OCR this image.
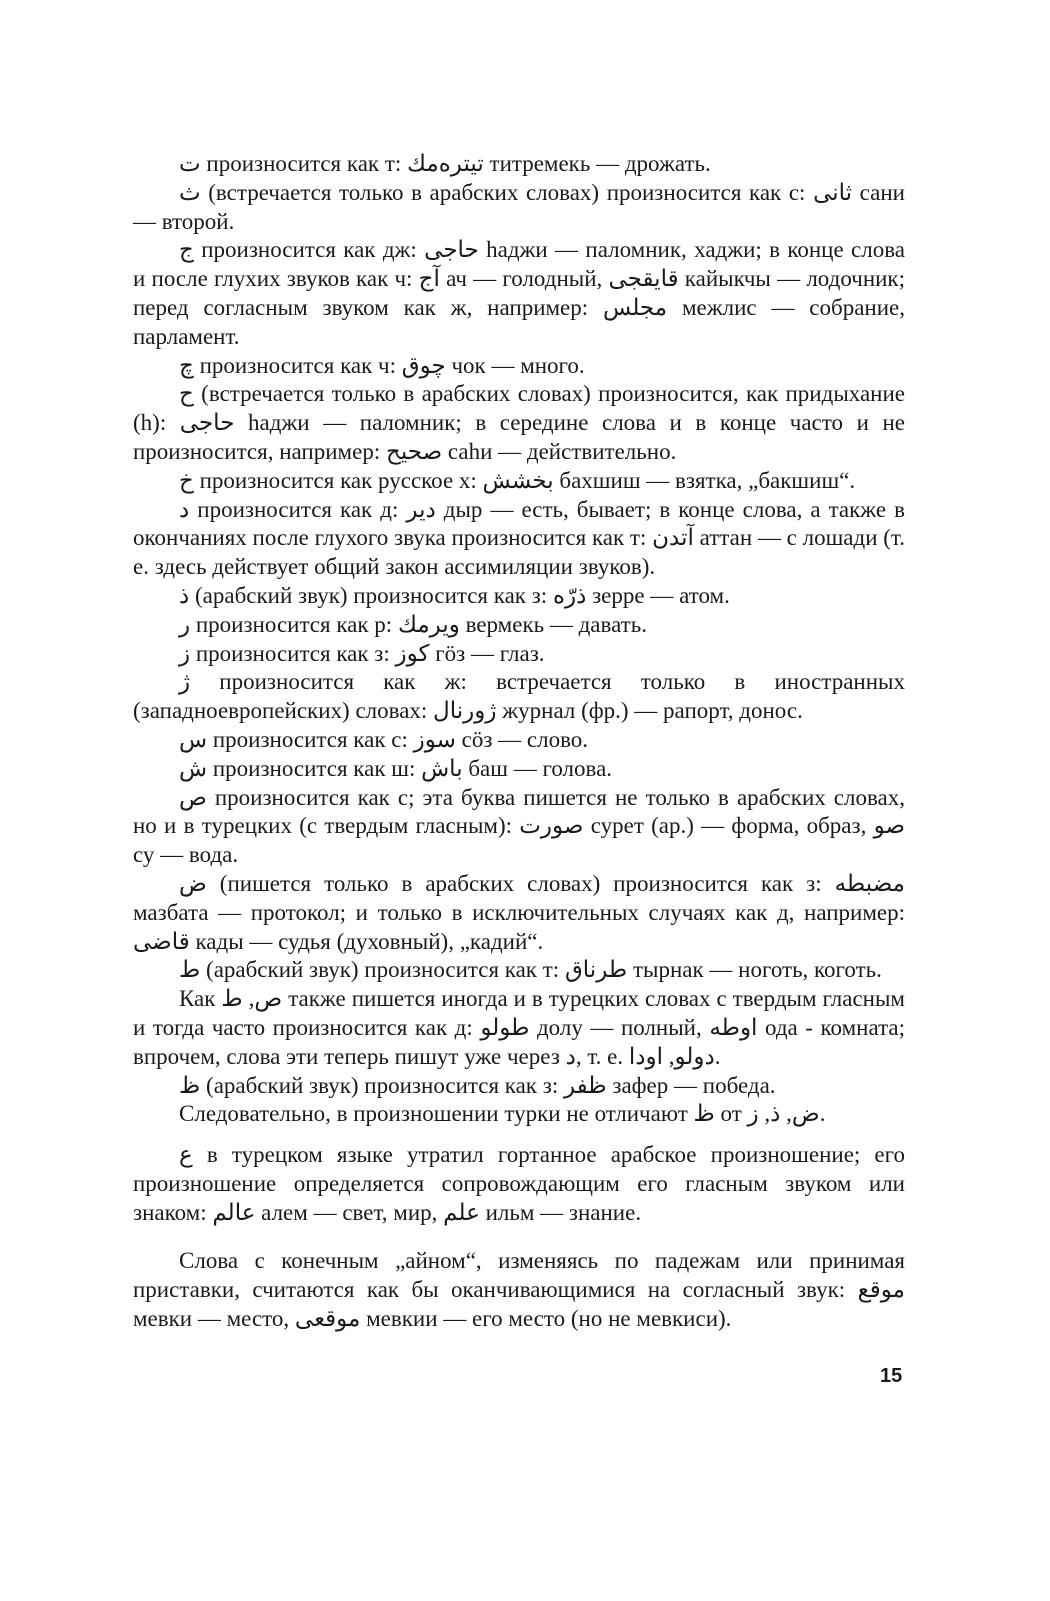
ت произносится как т: تیتره‌مك титремекь — дрожать.

ث (встречается только в арабских словах) произносится как с: ثانی сани — второй.

ج произносится как дж: حاجی hаджи — паломник, хаджи; в конце слова и после глухих звуков как ч: آج ач — голодный, قایقجی кайыкчы — лодочник; перед согласным звуком как ж, например: مجلس межлис — собрание, парламент.

چ произносится как ч: چوق чок — много.

ح (встречается только в арабских словах) произносится, как придыхание (h): حاجی hаджи — паломник; в середине слова и в конце часто и не произносится, например: صحیح саhи — действительно.

خ произносится как русское х: بخشش бахшиш — взятка, „бакшиш“.

د произносится как д: دیر дыр — есть, бывает; в конце слова, а также в окончаниях после глухого звука произносится как т: آتدن аттан — с лошади (т. е. здесь действует общий закон ассимиляции звуков).

ذ (арабский звук) произносится как з: ذرّه зерре — атом.

ر произносится как р: ویرمك вермекь — давать.

ز произносится как з: كوز гöз — глаз.

ژ произносится как ж: встречается только в иностранных (западноевропейских) словах: ژورنال журнал (фр.) — рапорт, донос.

س произносится как с: سوز сöз — слово.

ش произносится как ш: باش баш — голова.

ص произносится как с; эта буква пишется не только в арабских словах, но и в турецких (с твердым гласным): صورت сурет (ар.) — форма, образ, صو су — вода.

ض (пишется только в арабских словах) произносится как з: مضبطه мазбата — протокол; и только в исключительных случаях как д, например: قاضی кады — судья (духовный), „кадий“.

ط (арабский звук) произносится как т: طرناق тырнак — ноготь, коготь.

Как ص, ط также пишется иногда и в турецких словах с твердым гласным и тогда часто произносится как д: طولو долу — полный, اوطه ода - комната; впрочем, слова эти теперь пишут уже через د, т. е. دولو, اودا.

ظ (арабский звук) произносится как з: ظفر зафер — победа.

Следовательно, в произношении турки не отличают ظ от ض, ذ, ز.

ع в турецком языке утратил гортанное арабское произношение; его произношение определяется сопровождающим его гласным звуком или знаком: عالم алем — свет, мир, علم ильм — знание.

Слова с конечным „айном“, изменяясь по падежам или принимая приставки, считаются как бы оканчивающимися на согласный звук: موقع мевки — место, موقعی мевкии — его место (но не мевкиси).

15
